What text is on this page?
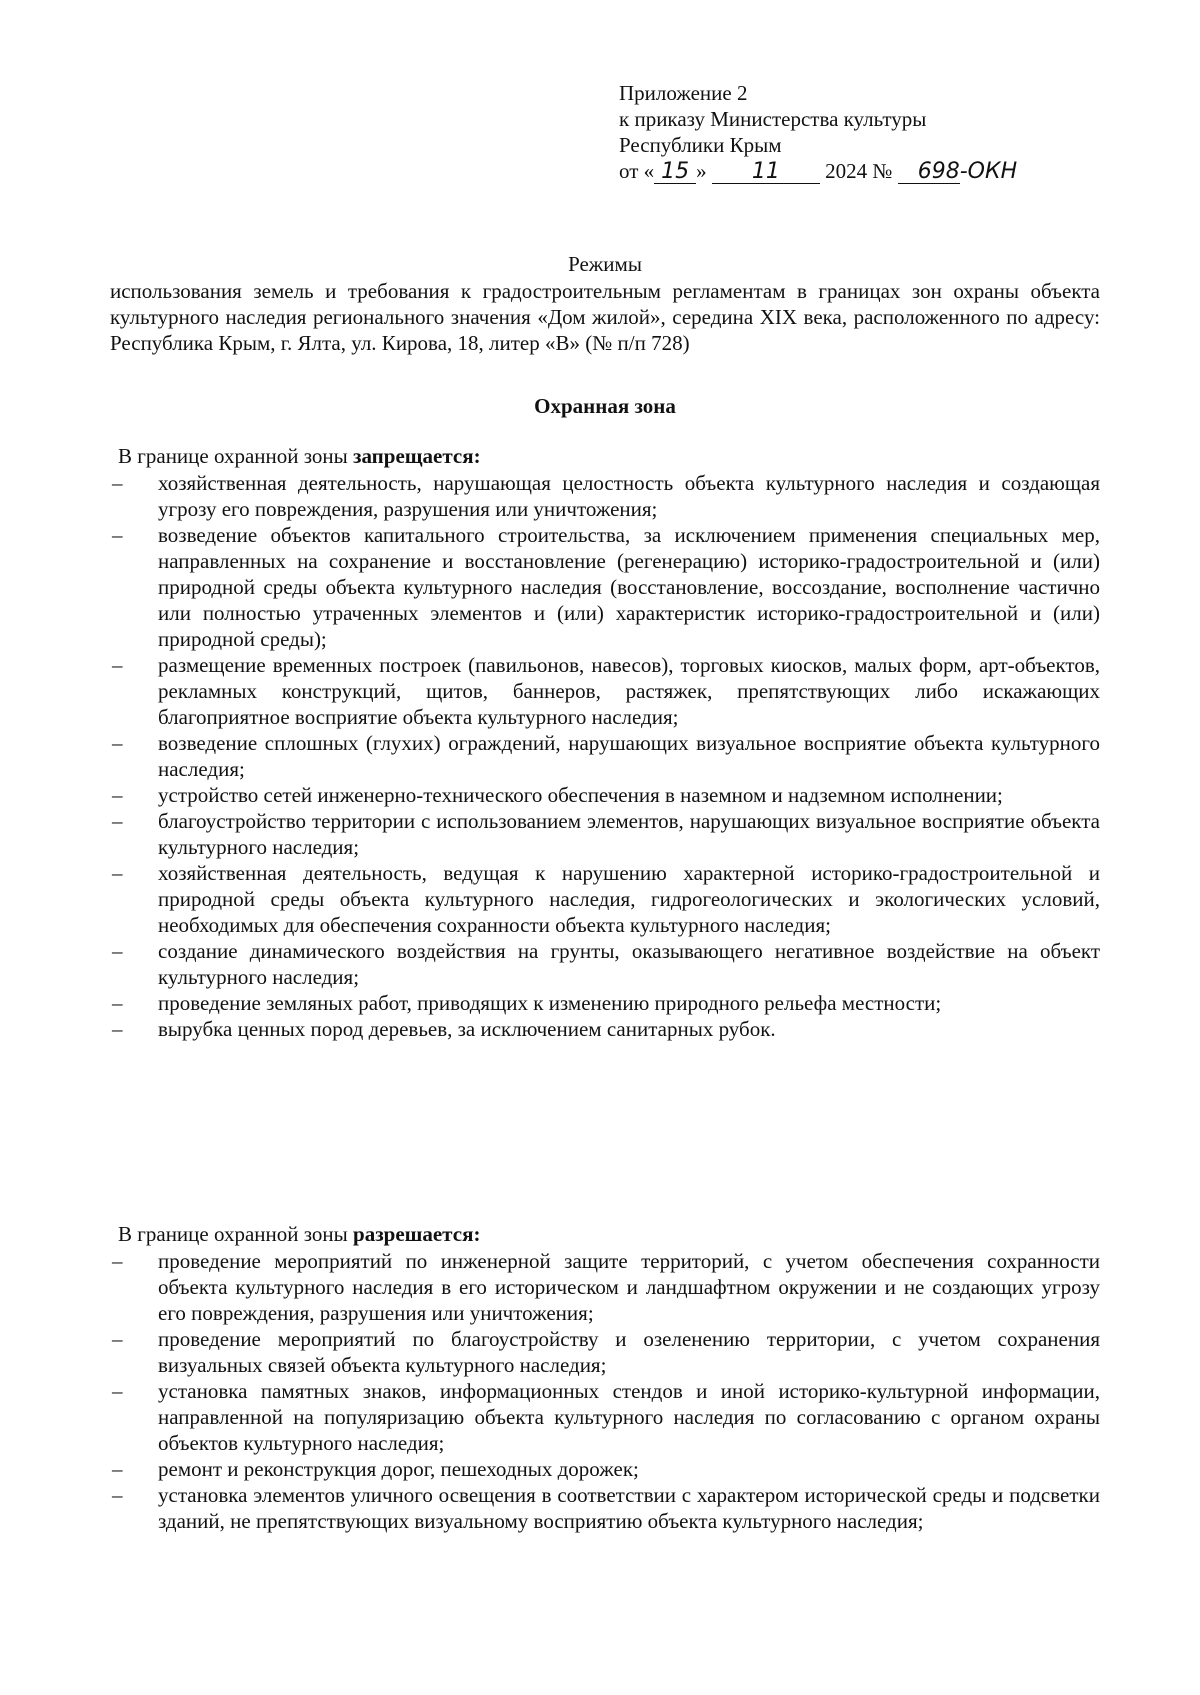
Приложение 2
к приказу Министерства культуры
Республики Крым
от « 15 » 11 2024 № 698-ОКН
Режимы
использования земель и требования к градостроительным регламентам в границах зон охраны объекта культурного наследия регионального значения «Дом жилой», середина XIX века, расположенного по адресу: Республика Крым, г. Ялта, ул. Кирова, 18, литер «В» (№ п/п 728)
Охранная зона
В границе охранной зоны запрещается:
– хозяйственная деятельность, нарушающая целостность объекта культурного наследия и создающая угрозу его повреждения, разрушения или уничтожения;
– возведение объектов капитального строительства, за исключением применения специальных мер, направленных на сохранение и восстановление (регенерацию) историко-градостроительной и (или) природной среды объекта культурного наследия (восстановление, воссоздание, восполнение частично или полностью утраченных элементов и (или) характеристик историко-градостроительной и (или) природной среды);
– размещение временных построек (павильонов, навесов), торговых киосков, малых форм, арт-объектов, рекламных конструкций, щитов, баннеров, растяжек, препятствующих либо искажающих благоприятное восприятие объекта культурного наследия;
– возведение сплошных (глухих) ограждений, нарушающих визуальное восприятие объекта культурного наследия;
– устройство сетей инженерно-технического обеспечения в наземном и надземном исполнении;
– благоустройство территории с использованием элементов, нарушающих визуальное восприятие объекта культурного наследия;
– хозяйственная деятельность, ведущая к нарушению характерной историко-градостроительной и природной среды объекта культурного наследия, гидрогеологических и экологических условий, необходимых для обеспечения сохранности объекта культурного наследия;
– создание динамического воздействия на грунты, оказывающего негативное воздействие на объект культурного наследия;
– проведение земляных работ, приводящих к изменению природного рельефа местности;
– вырубка ценных пород деревьев, за исключением санитарных рубок.
В границе охранной зоны разрешается:
– проведение мероприятий по инженерной защите территорий, с учетом обеспечения сохранности объекта культурного наследия в его историческом и ландшафтном окружении и не создающих угрозу его повреждения, разрушения или уничтожения;
– проведение мероприятий по благоустройству и озеленению территории, с учетом сохранения визуальных связей объекта культурного наследия;
– установка памятных знаков, информационных стендов и иной историко-культурной информации, направленной на популяризацию объекта культурного наследия по согласованию с органом охраны объектов культурного наследия;
– ремонт и реконструкция дорог, пешеходных дорожек;
– установка элементов уличного освещения в соответствии с характером исторической среды и подсветки зданий, не препятствующих визуальному восприятию объекта культурного наследия;
